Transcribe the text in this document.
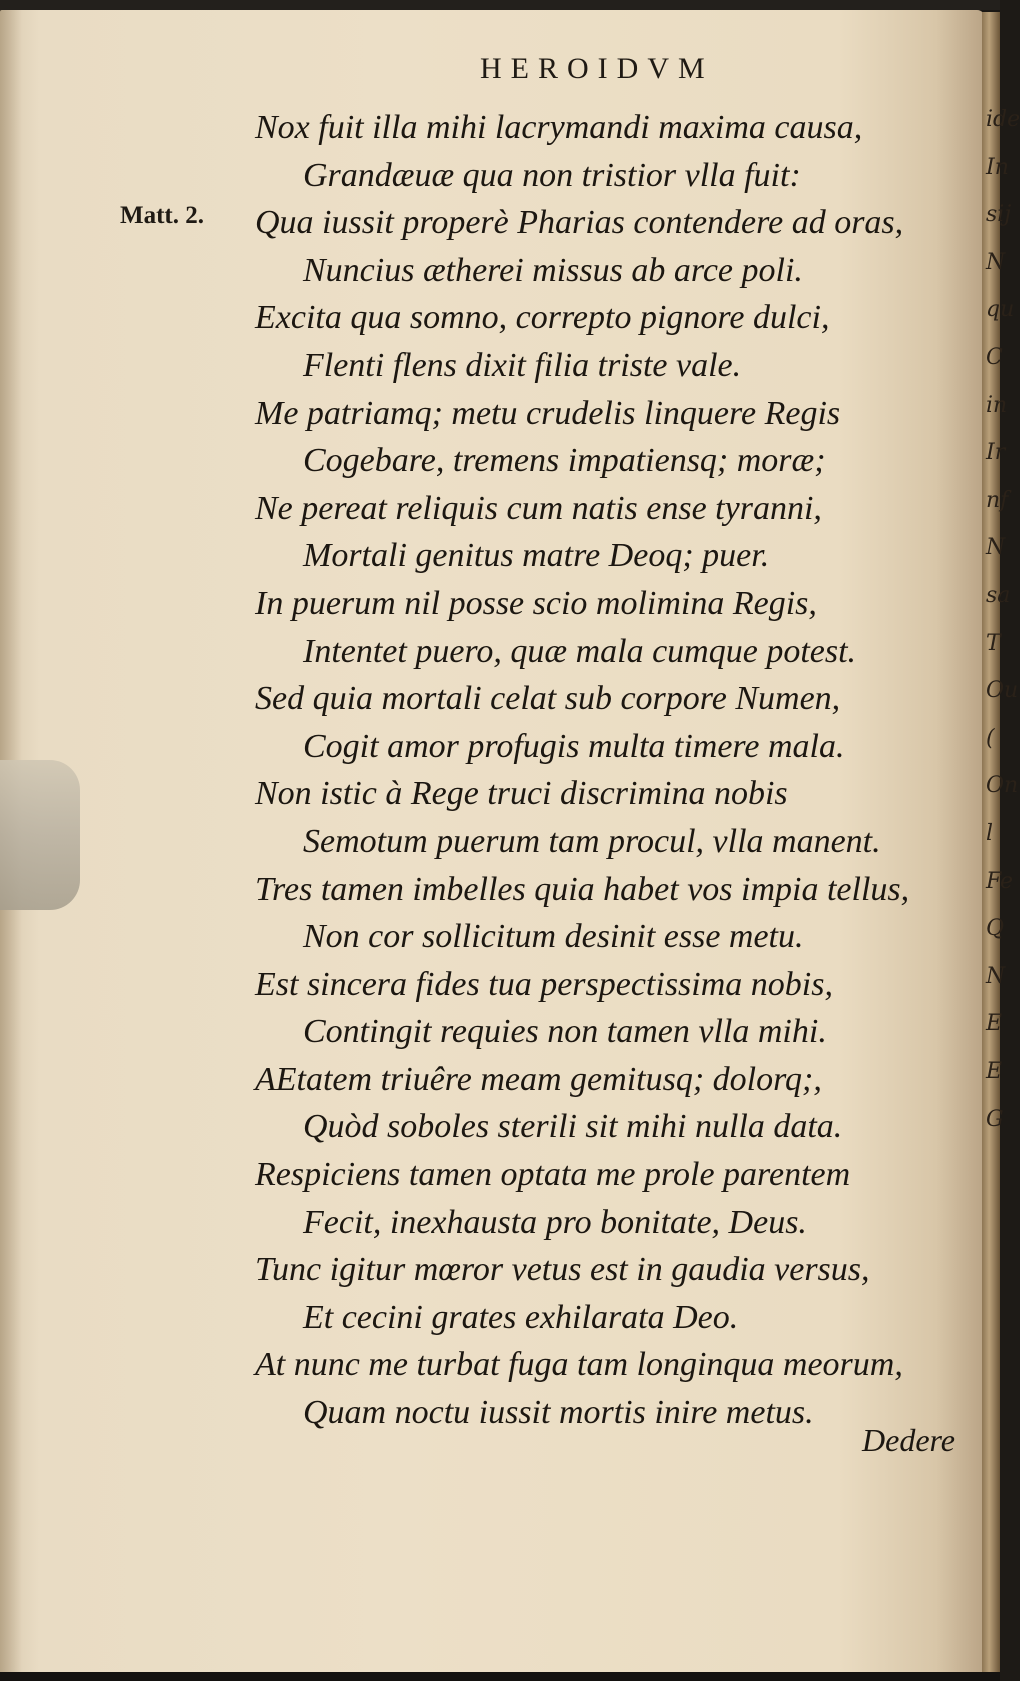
ide
In
sij
N
qu
C
in
Ir
nf
N
sa
T
Ou
(
On
l
Fe
Q
N
E
E
G
HEROIDVM
Matt. 2.
Nox fuit illa mihi lacrymandi maxima causa,
Grandæuæ qua non tristior vlla fuit:
Qua iussit properè Pharias contendere ad oras,
Nuncius ætherei missus ab arce poli.
Excita qua somno, correpto pignore dulci,
Flenti flens dixit filia triste vale.
Me patriamq; metu crudelis linquere Regis
Cogebare, tremens impatiensq; moræ;
Ne pereat reliquis cum natis ense tyranni,
Mortali genitus matre Deoq; puer.
In puerum nil posse scio molimina Regis,
Intentet puero, quæ mala cumque potest.
Sed quia mortali celat sub corpore Numen,
Cogit amor profugis multa timere mala.
Non istic à Rege truci discrimina nobis
Semotum puerum tam procul, vlla manent.
Tres tamen imbelles quia habet vos impia tellus,
Non cor sollicitum desinit esse metu.
Est sincera fides tua perspectissima nobis,
Contingit requies non tamen vlla mihi.
AEtatem triuêre meam gemitusq; dolorq;,
Quòd soboles sterili sit mihi nulla data.
Respiciens tamen optata me prole parentem
Fecit, inexhausta pro bonitate, Deus.
Tunc igitur mœror vetus est in gaudia versus,
Et cecini grates exhilarata Deo.
At nunc me turbat fuga tam longinqua meorum,
Quam noctu iussit mortis inire metus.
Dedere
